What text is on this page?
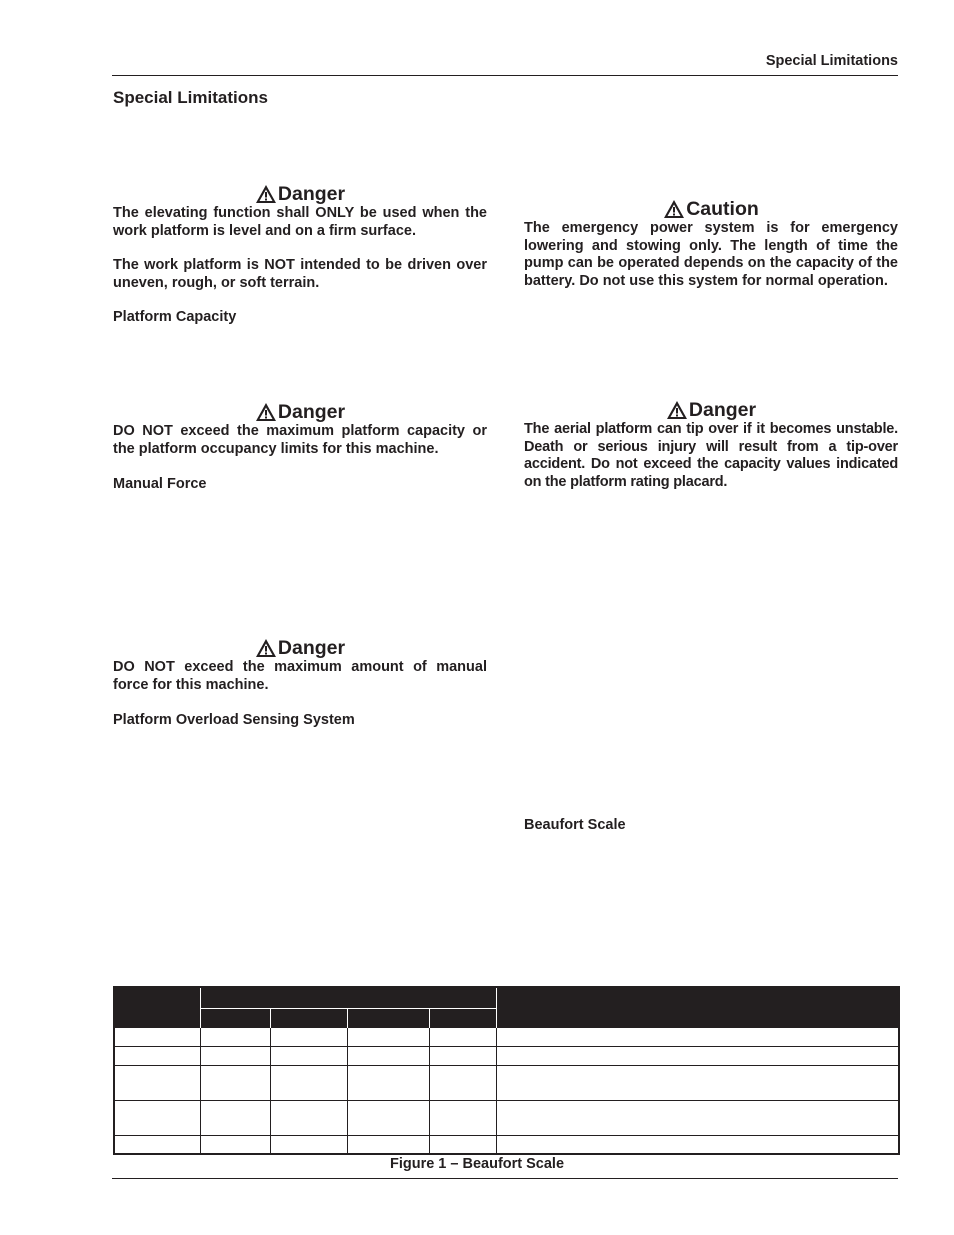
Special Limitations
Special Limitations
Danger

The elevating function shall ONLY be used when the work platform is level and on a firm surface.

The work platform is NOT intended to be driven over uneven, rough, or soft terrain.

Platform Capacity
Danger

DO NOT exceed the maximum platform capacity or the platform occupancy limits for this machine.

Manual Force
Danger

DO NOT exceed the maximum amount of manual force for this machine.

Platform Overload Sensing System
Caution

The emergency power system is for emergency lowering and stowing only. The length of time the pump can be operated depends on the capacity of the battery. Do not use this system for normal operation.

Danger

The aerial platform can tip over if it becomes unstable. Death or serious injury will result from a tip-over accident. Do not exceed the capacity values indicated on the platform rating placard.

Beaufort Scale
Figure 1 – Beaufort Scale
